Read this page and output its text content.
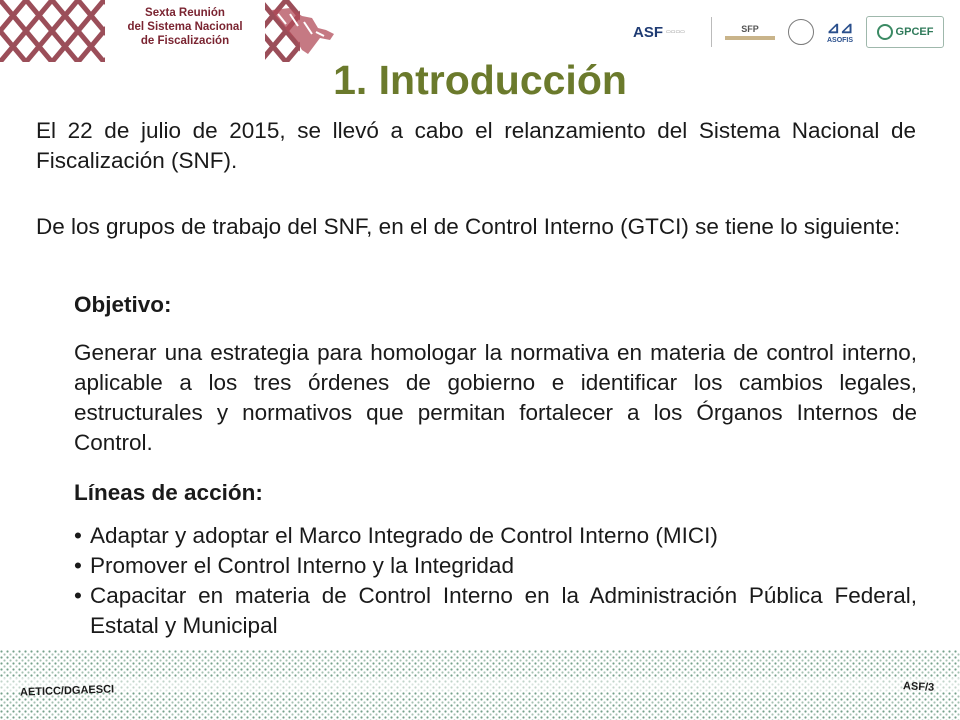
Sexta Reunión
del Sistema Nacional
de Fiscalización
ASF ▭▭▭▭	SFP	⊿⊿
ASOFIS
GPCEF
1. Introducción

El 22 de julio de 2015, se llevó a cabo el relanzamiento del Sistema Nacional de Fiscalización (SNF).

De los grupos de trabajo del SNF, en el de Control Interno (GTCI) se tiene lo siguiente:

Objetivo:

Generar una estrategia para homologar la normativa en materia de control interno, aplicable a los tres órdenes de gobierno e identificar los cambios legales, estructurales y normativos que permitan fortalecer a los Órganos Internos de Control.

Líneas de acción:

• Adaptar y adoptar el Marco Integrado de Control Interno (MICI)
• Promover el Control Interno y la Integridad
• Capacitar en materia de Control Interno en la Administración Pública Federal, Estatal y Municipal
AETICC/DGAESCI	ASF/3
